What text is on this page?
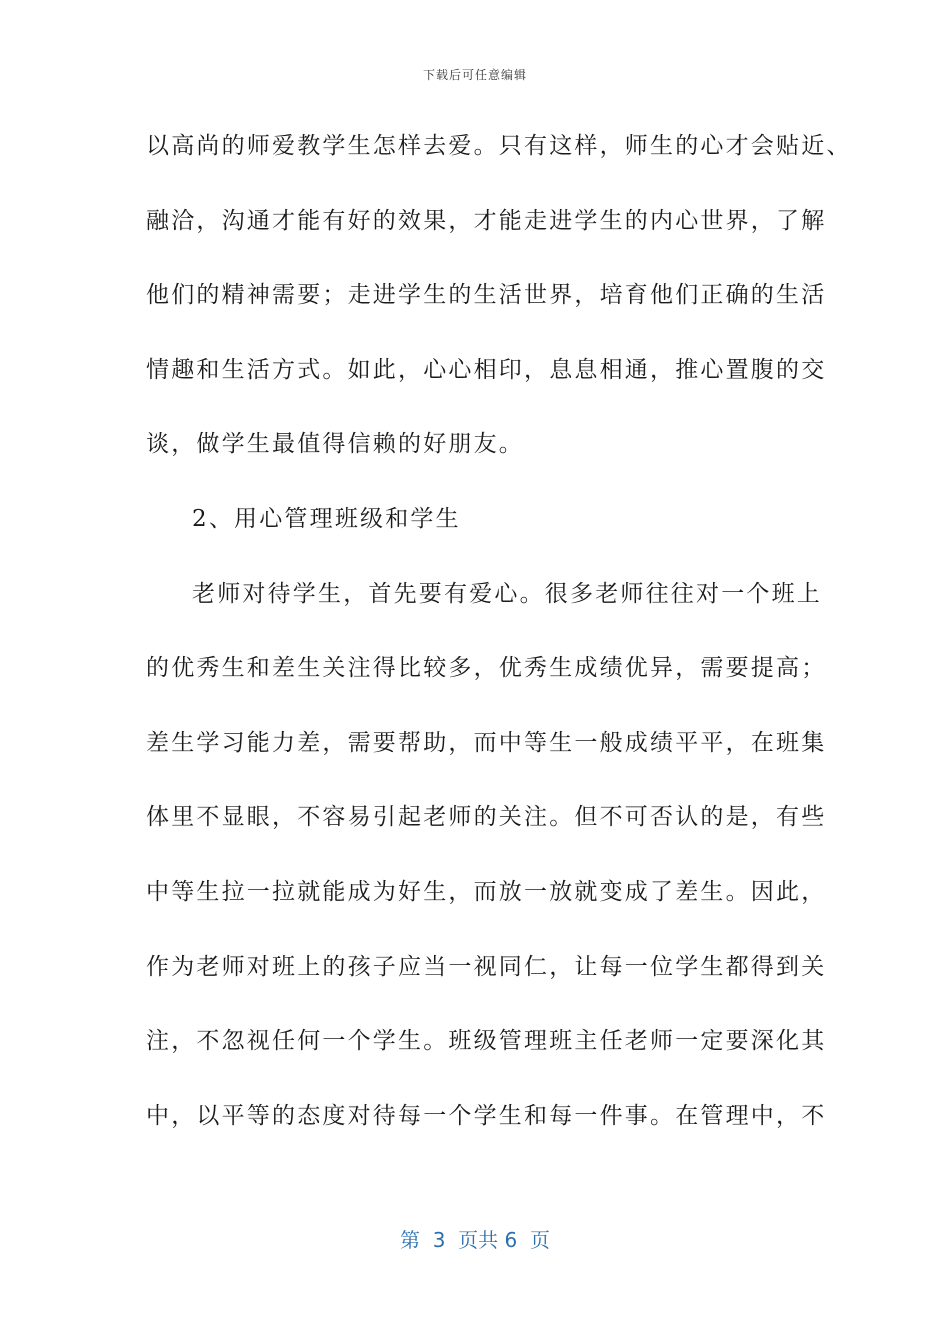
下载后可任意编辑
以高尚的师爱教学生怎样去爱。只有这样，师生的心才会贴近、
融洽，沟通才能有好的效果，才能走进学生的内心世界，了解
他们的精神需要；走进学生的生活世界，培育他们正确的生活
情趣和生活方式。如此，心心相印，息息相通，推心置腹的交
谈，做学生最值得信赖的好朋友。
2、用心管理班级和学生
老师对待学生，首先要有爱心。很多老师往往对一个班上
的优秀生和差生关注得比较多，优秀生成绩优异，需要提高；
差生学习能力差，需要帮助，而中等生一般成绩平平，在班集
体里不显眼，不容易引起老师的关注。但不可否认的是，有些
中等生拉一拉就能成为好生，而放一放就变成了差生。因此，
作为老师对班上的孩子应当一视同仁，让每一位学生都得到关
注，不忽视任何一个学生。班级管理班主任老师一定要深化其
中，以平等的态度对待每一个学生和每一件事。在管理中，不
第  3  页共 6  页
